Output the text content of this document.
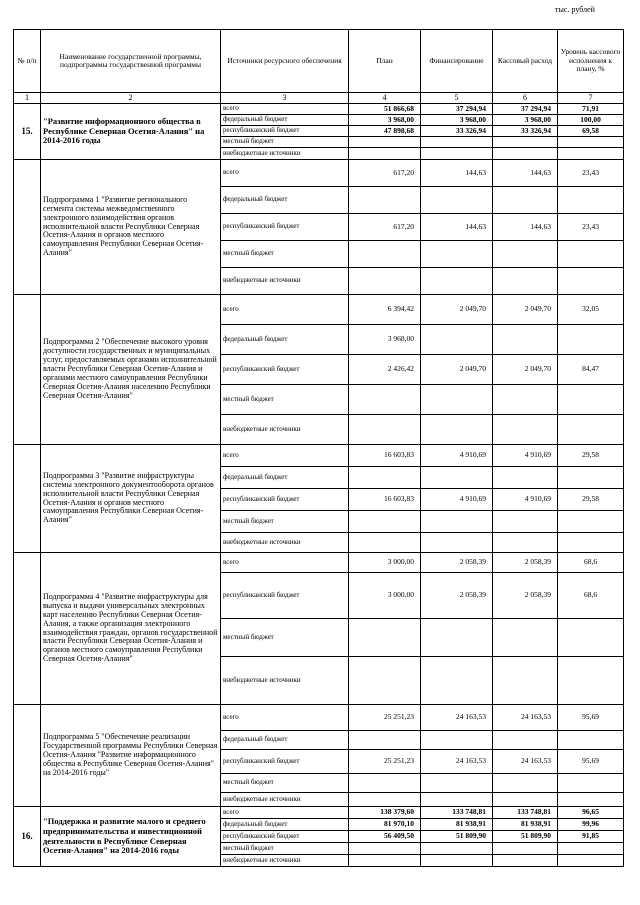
тыс. рублей
№ п/п	Наименование государственной программы, подпрограммы государственной программы	Источники ресурсного обеспечения	План	Финансирование	Кассовый расход	Уровень кассового исполнения к плану, %
1	2	3	4	5	6	7
15.	"Развитие информационного общества в Республике Северная Осетия-Алания" на 2014-2016 годы	всего	51 866,68	37 294,94	37 294,94	71,91
		федеральный бюджет	3 968,00	3 968,00	3 968,00	100,00
		республиканский бюджет	47 898,68	33 326,94	33 326,94	69,58
		местный бюджет				
		внебюджетные источники				
	Подпрограмма 1 "Развитие регионального сегмента системы межведомственного электронного взаимодействия органов исполнительной власти Республики Северная Осетия-Алания и органов местного самоуправления Республики Северная Осетия-Алания"	всего	617,20	144,63	144,63	23,43
		федеральный бюджет				
		республиканский бюджет	617,20	144,63	144,63	23,43
		местный бюджет				
		внебюджетные источники				
	Подпрограмма 2 "Обеспечение высокого уровня доступности государственных и муниципальных услуг, предоставляемых органами исполнительной власти Республики Северная Осетия-Алания и органами местного самоуправления Республики Северная Осетия-Алания населению Республики Северная Осетия-Алания"	всего	6 394,42	2 049,70	2 049,70	32,05
		федеральный бюджет	3 968,00			
		республиканский бюджет	2 426,42	2 049,70	2 049,70	84,47
		местный бюджет				
		внебюджетные источники				
	Подпрограмма 3 "Развитие инфраструктуры системы электронного документооборота органов исполнительной власти Республики Северная Осетия-Алания и органов местного самоуправления Республики Северная Осетия-Алания"	всего	16 603,83	4 910,69	4 910,69	29,58
		федеральный бюджет				
		республиканский бюджет	16 603,83	4 910,69	4 910,69	29,58
		местный бюджет				
		внебюджетные источники				
	Подпрограмма 4 "Развитие инфраструктуры для выпуска и выдачи универсальных электронных карт населению Республики Северная Осетия-Алания, а также организация электронного взаимодействия граждан, органов государственной власти Республики Северная Осетия-Алания и органов местного самоуправления Республики Северная Осетия-Алания"	всего	3 000,00	2 058,39	2 058,39	68,6
		республиканский бюджет	3 000,00	2 058,39	2 058,39	68,6
		местный бюджет				
		внебюджетные источники				
	Подпрограмма 5 "Обеспечение реализации Государственной программы Республики Северная Осетия-Алания "Развитие информационного общества в Республике Северная Осетия-Алания" на 2014-2016 годы"	всего	25 251,23	24 163,53	24 163,53	95,69
		федеральный бюджет				
		республиканский бюджет	25 251,23	24 163,53	24 163,53	95,69
		местный бюджет				
		внебюджетные источники				
16.	"Поддержка и развитие малого и среднего предпринимательства и инвестиционной деятельности в Республике Северная Осетия-Алания" на 2014-2016 годы	всего	138 379,60	133 748,81	133 748,81	96,65
		федеральный бюджет	81 970,10	81 938,91	81 938,91	99,96
		республиканский бюджет	56 409,50	51 809,90	51 809,90	91,85
		местный бюджет				
		внебюджетные источники				
